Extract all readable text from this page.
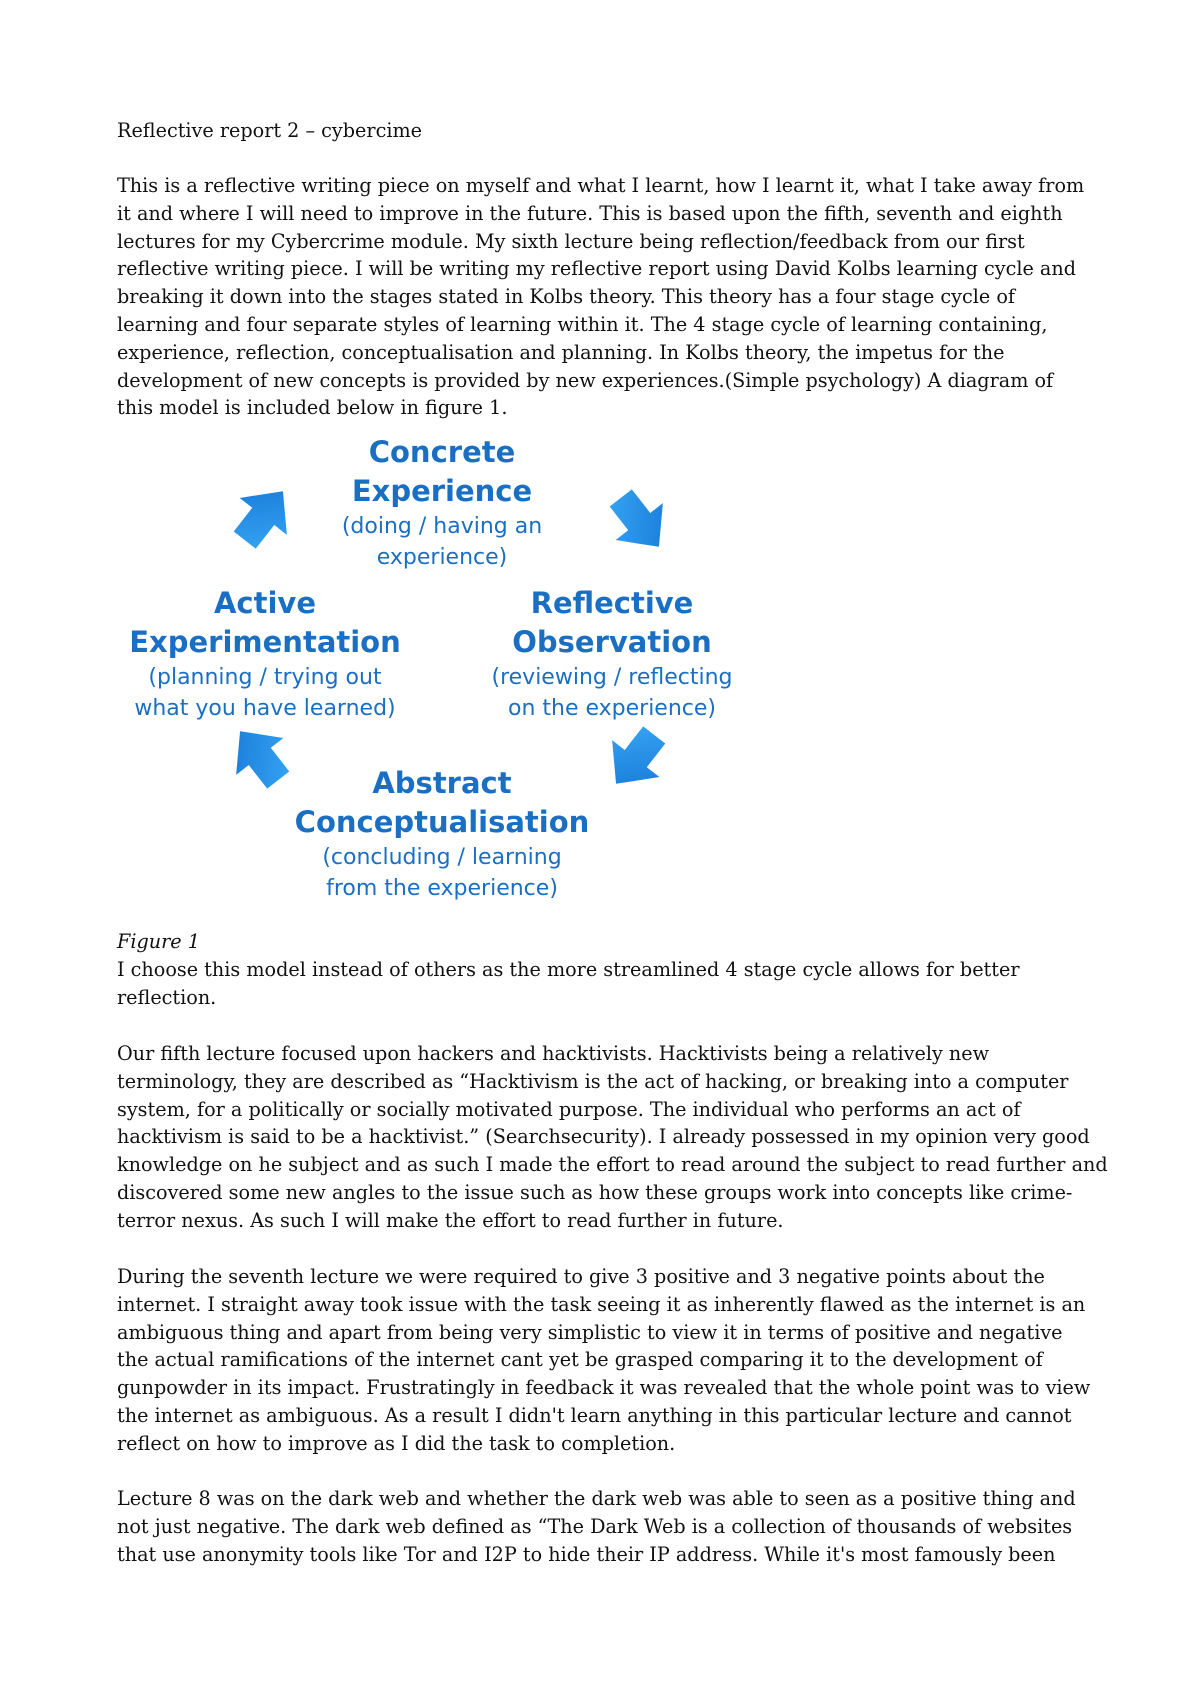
Reflective report 2 – cybercime

This is a reflective writing piece on myself and what I learnt, how I learnt it, what I take away from
it and where I will need to improve in the future. This is based upon the fifth, seventh and eighth
lectures for my Cybercrime module. My sixth lecture being reflection/feedback from our first
reflective writing piece. I will be writing my reflective report using David Kolbs learning cycle and
breaking it down into the stages stated in Kolbs theory. This theory has a four stage cycle of
learning and four separate styles of learning within it. The 4 stage cycle of learning containing,
experience, reflection, conceptualisation and planning. In Kolbs theory, the impetus for the
development of new concepts is provided by new experiences.(Simple psychology) A diagram of
this model is included below in figure 1.

Concrete
Experience
(doing / having an
experience)
Reflective
Observation
(reviewing / reflecting
on the experience)
Abstract
Conceptualisation
(concluding / learning
from the experience)
Active
Experimentation
(planning / trying out
what you have learned)

Figure 1
I choose this model instead of others as the more streamlined 4 stage cycle allows for better
reflection.

Our fifth lecture focused upon hackers and hacktivists. Hacktivists being a relatively new
terminology, they are described as “Hacktivism is the act of hacking, or breaking into a computer
system, for a politically or socially motivated purpose. The individual who performs an act of
hacktivism is said to be a hacktivist.” (Searchsecurity). I already possessed in my opinion very good
knowledge on he subject and as such I made the effort to read around the subject to read further and
discovered some new angles to the issue such as how these groups work into concepts like crime-
terror nexus. As such I will make the effort to read further in future.

During the seventh lecture we were required to give 3 positive and 3 negative points about the
internet. I straight away took issue with the task seeing it as inherently flawed as the internet is an
ambiguous thing and apart from being very simplistic to view it in terms of positive and negative
the actual ramifications of the internet cant yet be grasped comparing it to the development of
gunpowder in its impact. Frustratingly in feedback it was revealed that the whole point was to view
the internet as ambiguous. As a result I didn't learn anything in this particular lecture and cannot
reflect on how to improve as I did the task to completion.

Lecture 8 was on the dark web and whether the dark web was able to seen as a positive thing and
not just negative. The dark web defined as “The Dark Web is a collection of thousands of websites
that use anonymity tools like Tor and I2P to hide their IP address. While it's most famously been
